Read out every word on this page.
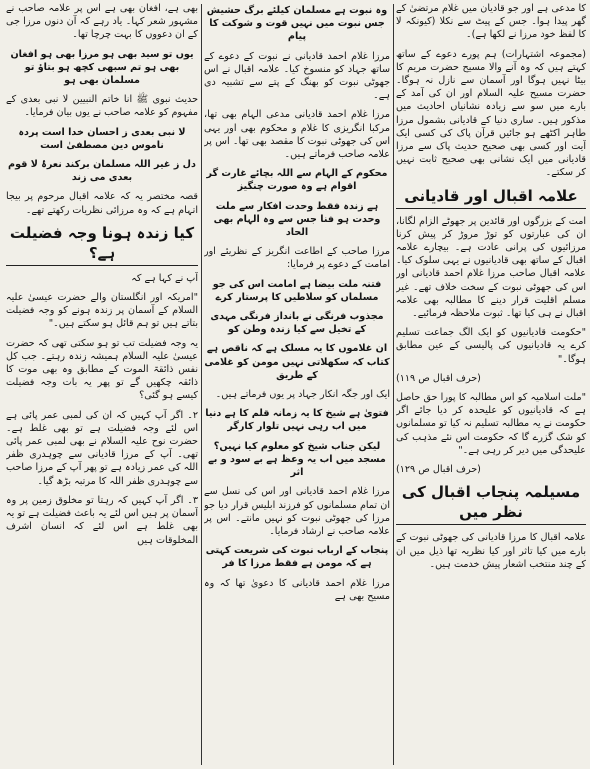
کا مدعی ہے اور جو قادیان میں غلام مرتضیٰ کے گھر پیدا ہوا۔ جس کے پیٹ سے نکلا (کیونکہ لا کا لفظ خود مرزا نے لکھا ہے)۔

(مجموعہ اشتہارات) ہم پورے دعوے کے ساتھ کہتے ہیں کہ وہ آنے والا مسیح حضرت مریم کا بیٹا نہیں ہوگا اور آسمان سے نازل نہ ہوگا۔ حضرت مسیح علیہ السلام اور ان کی آمد کے بارے میں سو سے زیادہ نشانیاں احادیث میں مذکور ہیں۔ ساری دنیا کے قادیانی بشمول مرزا طاہر اکٹھے ہو جائیں قرآن پاک کی کسی ایک آیت اور کسی بھی صحیح حدیث پاک سے مرزا قادیانی میں ایک نشانی بھی صحیح ثابت نہیں کر سکتے۔

علامہ اقبال اور قادیانی

امت کے بزرگوں اور قائدین پر جھوٹے الزام لگانا، ان کی عبارتوں کو توڑ مروڑ کر پیش کرنا مرزائیوں کی پرانی عادت ہے۔ بیچارے علامہ اقبال کے ساتھ بھی قادیانیوں نے یہی سلوک کیا۔ علامہ اقبال صاحب مرزا غلام احمد قادیانی اور اس کی جھوٹی نبوت کے سخت خلاف تھے۔ غیر مسلم اقلیت قرار دینے کا مطالبہ بھی علامہ اقبال نے ہی کیا تھا۔ ثبوت ملاحظہ فرمائیے۔

"حکومت قادیانیوں کو ایک الگ جماعت تسلیم کرے یہ قادیانیوں کی پالیسی کے عین مطابق ہوگا۔"

(حرف اقبال ص ۱۱۹)

"ملت اسلامیہ کو اس مطالبہ کا پورا حق حاصل ہے کہ قادیانیوں کو علیحدہ کر دیا جائے اگر حکومت نے یہ مطالبہ تسلیم نہ کیا تو مسلمانوں کو شک گزرے گا کہ حکومت اس نئے مذہب کی علیحدگی میں دیر کر رہی ہے۔"

(حرف اقبال ص ۱۲۹)

مسیلمہ پنجاب اقبال کی نظر میں

علامہ اقبال کا مرزا قادیانی کی جھوٹی نبوت کے بارے میں کیا تاثر اور کیا نظریہ تھا ذیل میں ان کے چند منتخب اشعار پیش خدمت ہیں۔

وہ نبوت ہے مسلمان کیلئے برگ حشیش جس نبوت میں نہیں قوت و شوکت کا پیام

مرزا غلام احمد قادیانی نے نبوت کے دعوے کے ساتھ جہاد کو منسوخ کیا۔ علامہ اقبال نے اس جھوٹی نبوت کو بھنگ کے پتے سے تشبیہ دی ہے۔

مرزا غلام احمد قادیانی مدعی الہام بھی تھا، مرکبا انگریزی کا غلام و محکوم بھی اور یہی اس کی جھوٹی نبوت کا مقصد بھی تھا۔ اس پر علامہ صاحب فرماتے ہیں۔

محکوم کے الہام سے اللہ بچائے غارت گر اقوام ہے وہ صورت چنگیز

ہے زندہ فقط وحدت افکار سے ملت وحدت ہو فنا جس سے وہ الہام بھی الحاد

مرزا صاحب کے اطاعت انگریز کے نظریئے اور امامت کے دعوے پر فرمایا:

فتنہ ملت بیضا ہے امامت اس کی جو مسلماں کو سلاطیں کا پرستار کرے

مجذوب فرنگی نے بانداز فرنگی مہدی کے تخیل سے کیا زندہ وطن کو

ان غلاموں کا یہ مسلک ہے کہ ناقص ہے کتاب کہ سکھلاتی نہیں مومن کو غلامی کے طریق

ایک اور جگہ انکار جہاد پر یوں فرماتے ہیں۔

فتویٰ ہے شیخ کا یہ زمانہ قلم کا ہے دنیا میں اب رہی نہیں تلوار کارگر

لیکن جناب شیخ کو معلوم کیا نہیں؟ مسجد میں اب یہ وعظ ہے بے سود و بے اثر

مرزا غلام احمد قادیانی اور اس کی نسل سے ان تمام مسلمانوں کو فرزند ابلیس قرار دیا جو مرزا کی جھوٹی نبوت کو نہیں مانتے۔ اس پر علامہ صاحب نے ارشاد فرمایا۔

پنجاب کے ارباب نبوت کی شریعت کہتی ہے کہ مومن ہے فقط مرزا کا فر

مرزا غلام احمد قادیانی کا دعویٰ تھا کہ وہ مسیح بھی ہے

بھی ہے، افغان بھی ہے اس پر علامہ صاحب نے مشہور شعر کہا۔ یاد رہے کہ آن دنوں مرزا جی کے ان دعووں کا بہت چرچا تھا۔

یوں تو سید بھی ہو مرزا بھی ہو افغان بھی ہو تم سبھی کچھ ہو بتاؤ تو مسلمان بھی ہو

حدیث نبوی ﷺ انا خاتم النبیین لا نبی بعدی کے مفہوم کو علامہ صاحب نے یوں بیان فرمایا۔

لا نبی بعدی ز احسان خدا است پردہ ناموس دین مصطفیٰ است

دل ز غیر اللہ مسلمان برکند نعرۂ لا قوم بعدی می زند

قصہ مختصر یہ کہ علامہ اقبال مرحوم پر بیجا اتہام ہے کہ وہ مرزائی نظریات رکھتے تھے۔

کیا زندہ ہونا وجہ فضیلت ہے؟

آپ نے کہا ہے کہ

"امریکہ اور انگلستان والے حضرت عیسیٰ علیہ السلام کے آسمان پر زندہ ہونے کو وجہ فضیلت بتاتے ہیں تو ہم قائل ہو سکتے ہیں۔"

یہ وجہ فضیلت تب تو ہو سکتی تھی کہ حضرت عیسیٰ علیہ السلام ہمیشہ زندہ رہتے۔ جب کل نفس ذائقۃ الموت کے مطابق وہ بھی موت کا ذائقہ چکھیں گے تو پھر یہ بات وجہ فضیلت کیسے ہو گئی؟

۲۔ اگر آپ کہیں کہ ان کی لمبی عمر پائی ہے اس لئے وجہ فضیلت ہے تو بھی غلط ہے۔ حضرت نوح علیہ السلام نے بھی لمبی عمر پائی تھی۔ آپ کے مرزا قادیانی سے چوہدری ظفر اللہ کی عمر زیادہ ہے تو پھر آپ کے مرزا صاحب سے چوہدری ظفر اللہ کا مرتبہ بڑھ گیا۔

۳۔ اگر آپ کہیں کہ رہتا تو مخلوق زمین پر وہ آسمان پر ہیں اس لئے یہ باعث فضیلت ہے تو یہ بھی غلط ہے اس لئے کہ انسان اشرف المخلوقات ہیں
